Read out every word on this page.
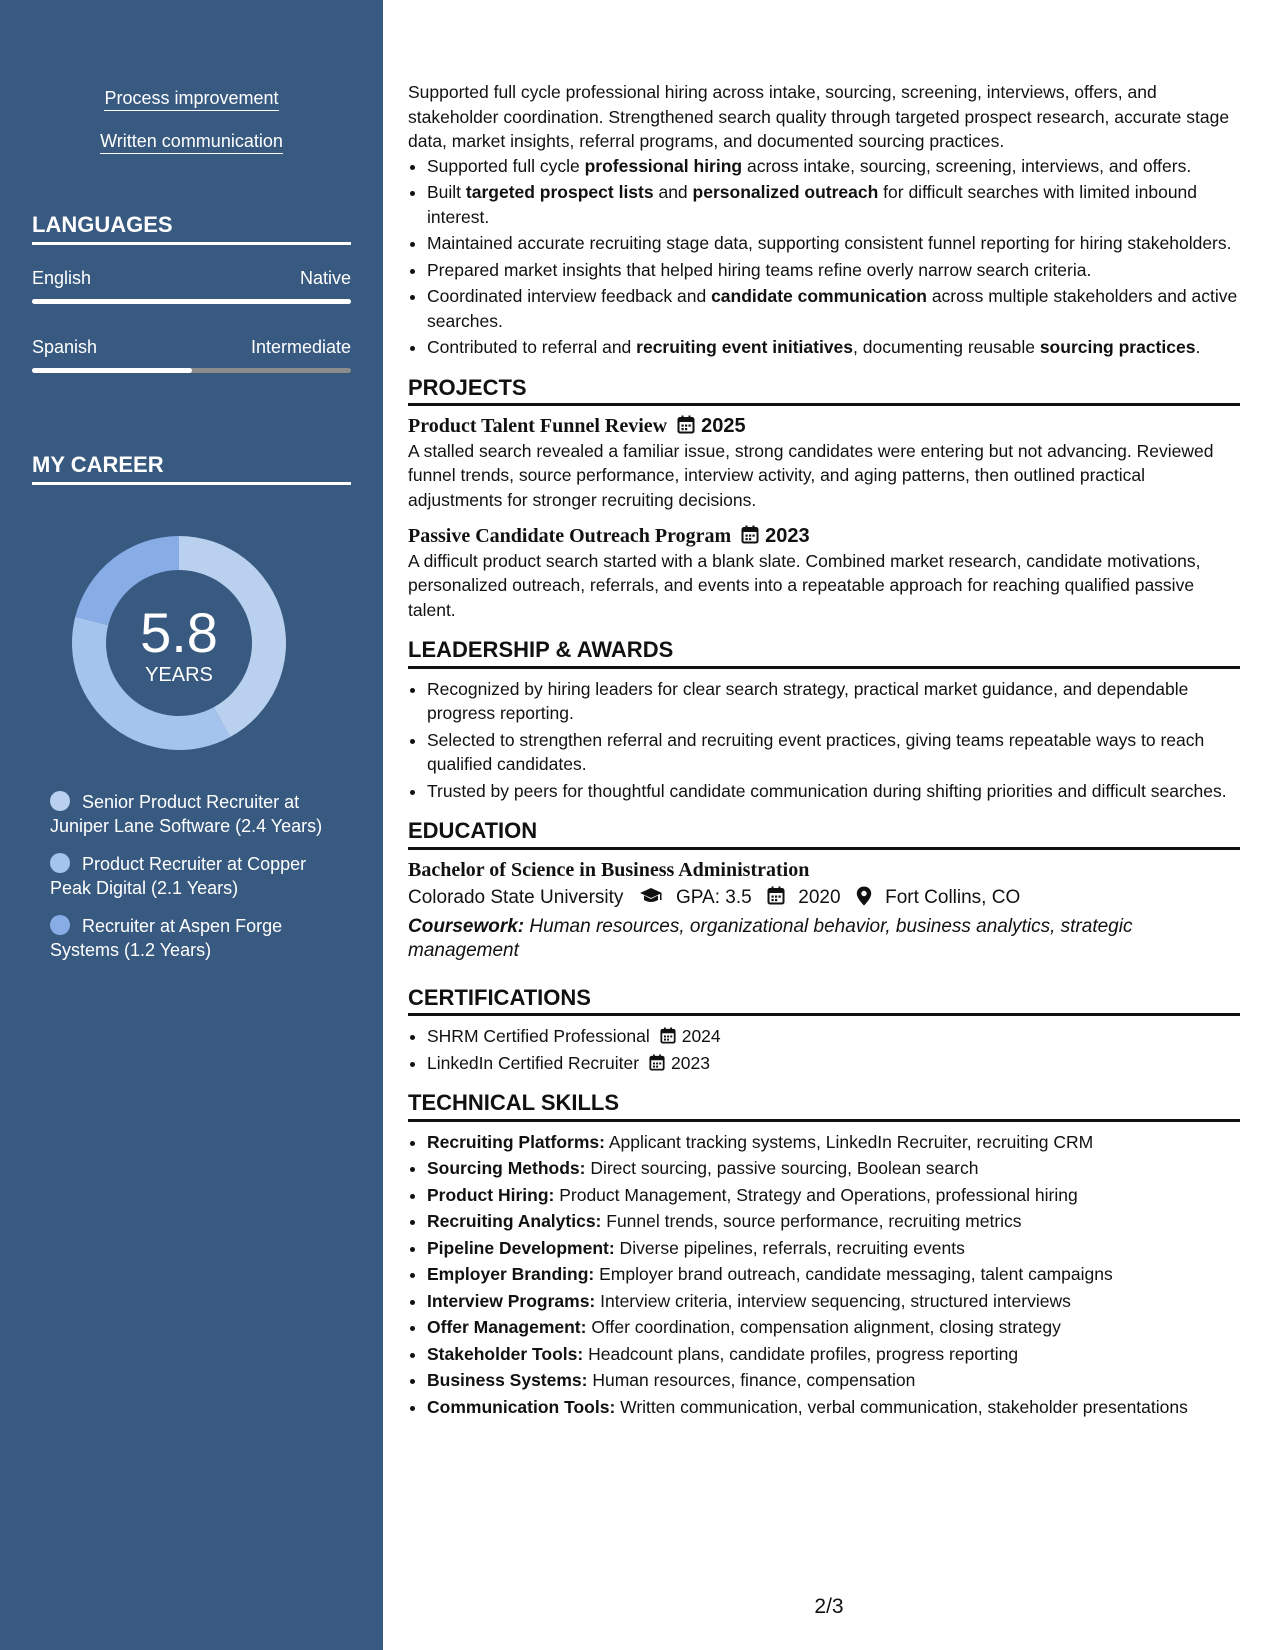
Process improvement
Written communication
LANGUAGES
English	Native
Spanish	Intermediate
MY CAREER
5.8
YEARS
Senior Product Recruiter at Juniper Lane Software (2.4 Years)
Product Recruiter at Copper Peak Digital (2.1 Years)
Recruiter at Aspen Forge Systems (1.2 Years)

Supported full cycle professional hiring across intake, sourcing, screening, interviews, offers, and stakeholder coordination. Strengthened search quality through targeted prospect research, accurate stage data, market insights, referral programs, and documented sourcing practices.

• Supported full cycle professional hiring across intake, sourcing, screening, interviews, and offers.
• Built targeted prospect lists and personalized outreach for difficult searches with limited inbound interest.
• Maintained accurate recruiting stage data, supporting consistent funnel reporting for hiring stakeholders.
• Prepared market insights that helped hiring teams refine overly narrow search criteria.
• Coordinated interview feedback and candidate communication across multiple stakeholders and active searches.
• Contributed to referral and recruiting event initiatives, documenting reusable sourcing practices.
PROJECTS
Product Talent Funnel Review 2025

A stalled search revealed a familiar issue, strong candidates were entering but not advancing. Reviewed funnel trends, source performance, interview activity, and aging patterns, then outlined practical adjustments for stronger recruiting decisions.

Passive Candidate Outreach Program 2023

A difficult product search started with a blank slate. Combined market research, candidate motivations, personalized outreach, referrals, and events into a repeatable approach for reaching qualified passive talent.

LEADERSHIP & AWARDS
• Recognized by hiring leaders for clear search strategy, practical market guidance, and dependable progress reporting.
• Selected to strengthen referral and recruiting event practices, giving teams repeatable ways to reach qualified candidates.
• Trusted by peers for thoughtful candidate communication during shifting priorities and difficult searches.
EDUCATION
Bachelor of Science in Business Administration
Colorado State University	GPA: 3.5 2020 Fort Collins, CO
Coursework: Human resources, organizational behavior, business analytics, strategic management
CERTIFICATIONS
• SHRM Certified Professional 2024
• LinkedIn Certified Recruiter 2023
TECHNICAL SKILLS
• Recruiting Platforms: Applicant tracking systems, LinkedIn Recruiter, recruiting CRM
• Sourcing Methods: Direct sourcing, passive sourcing, Boolean search
• Product Hiring: Product Management, Strategy and Operations, professional hiring
• Recruiting Analytics: Funnel trends, source performance, recruiting metrics
• Pipeline Development: Diverse pipelines, referrals, recruiting events
• Employer Branding: Employer brand outreach, candidate messaging, talent campaigns
• Interview Programs: Interview criteria, interview sequencing, structured interviews
• Offer Management: Offer coordination, compensation alignment, closing strategy
• Stakeholder Tools: Headcount plans, candidate profiles, progress reporting
• Business Systems: Human resources, finance, compensation
• Communication Tools: Written communication, verbal communication, stakeholder presentations
2/3
